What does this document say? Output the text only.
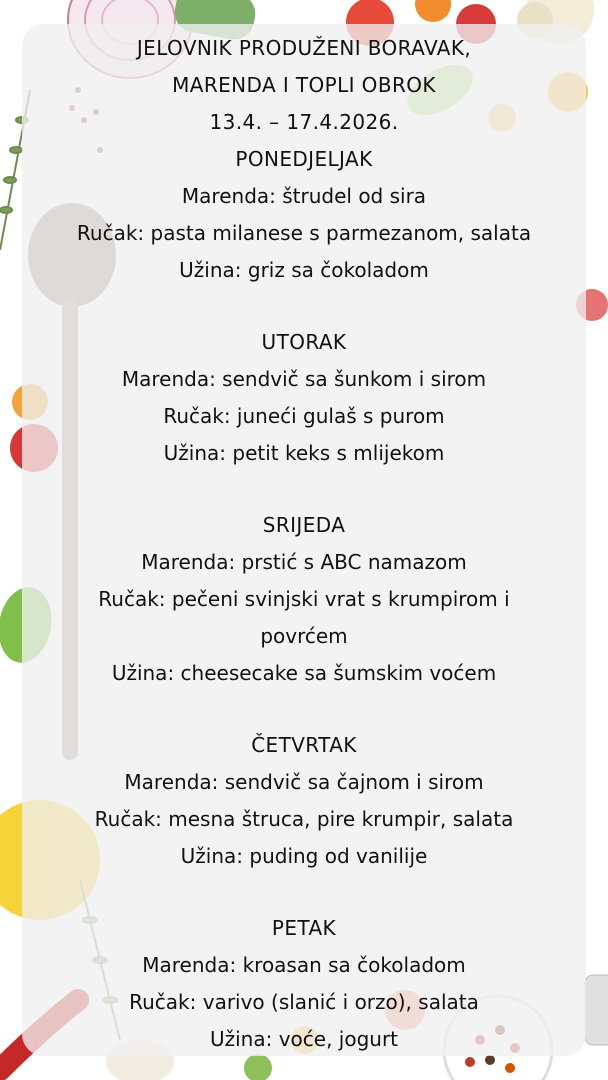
JELOVNIK PRODUŽENI BORAVAK,
MARENDA I TOPLI OBROK
13.4. – 17.4.2026.
PONEDJELJAK
Marenda: štrudel od sira
Ručak: pasta milanese s parmezanom, salata
Užina: griz sa čokoladom
UTORAK
Marenda: sendvič sa šunkom i sirom
Ručak: juneći gulaš s purom
Užina: petit keks s mlijekom
SRIJEDA
Marenda: prstić s ABC namazom
Ručak: pečeni svinjski vrat s krumpirom i
povrćem
Užina: cheesecake sa šumskim voćem
ČETVRTAK
Marenda: sendvič sa čajnom i sirom
Ručak: mesna štruca, pire krumpir, salata
Užina: puding od vanilije
PETAK
Marenda: kroasan sa čokoladom
Ručak: varivo (slanić i orzo), salata
Užina: voće, jogurt
